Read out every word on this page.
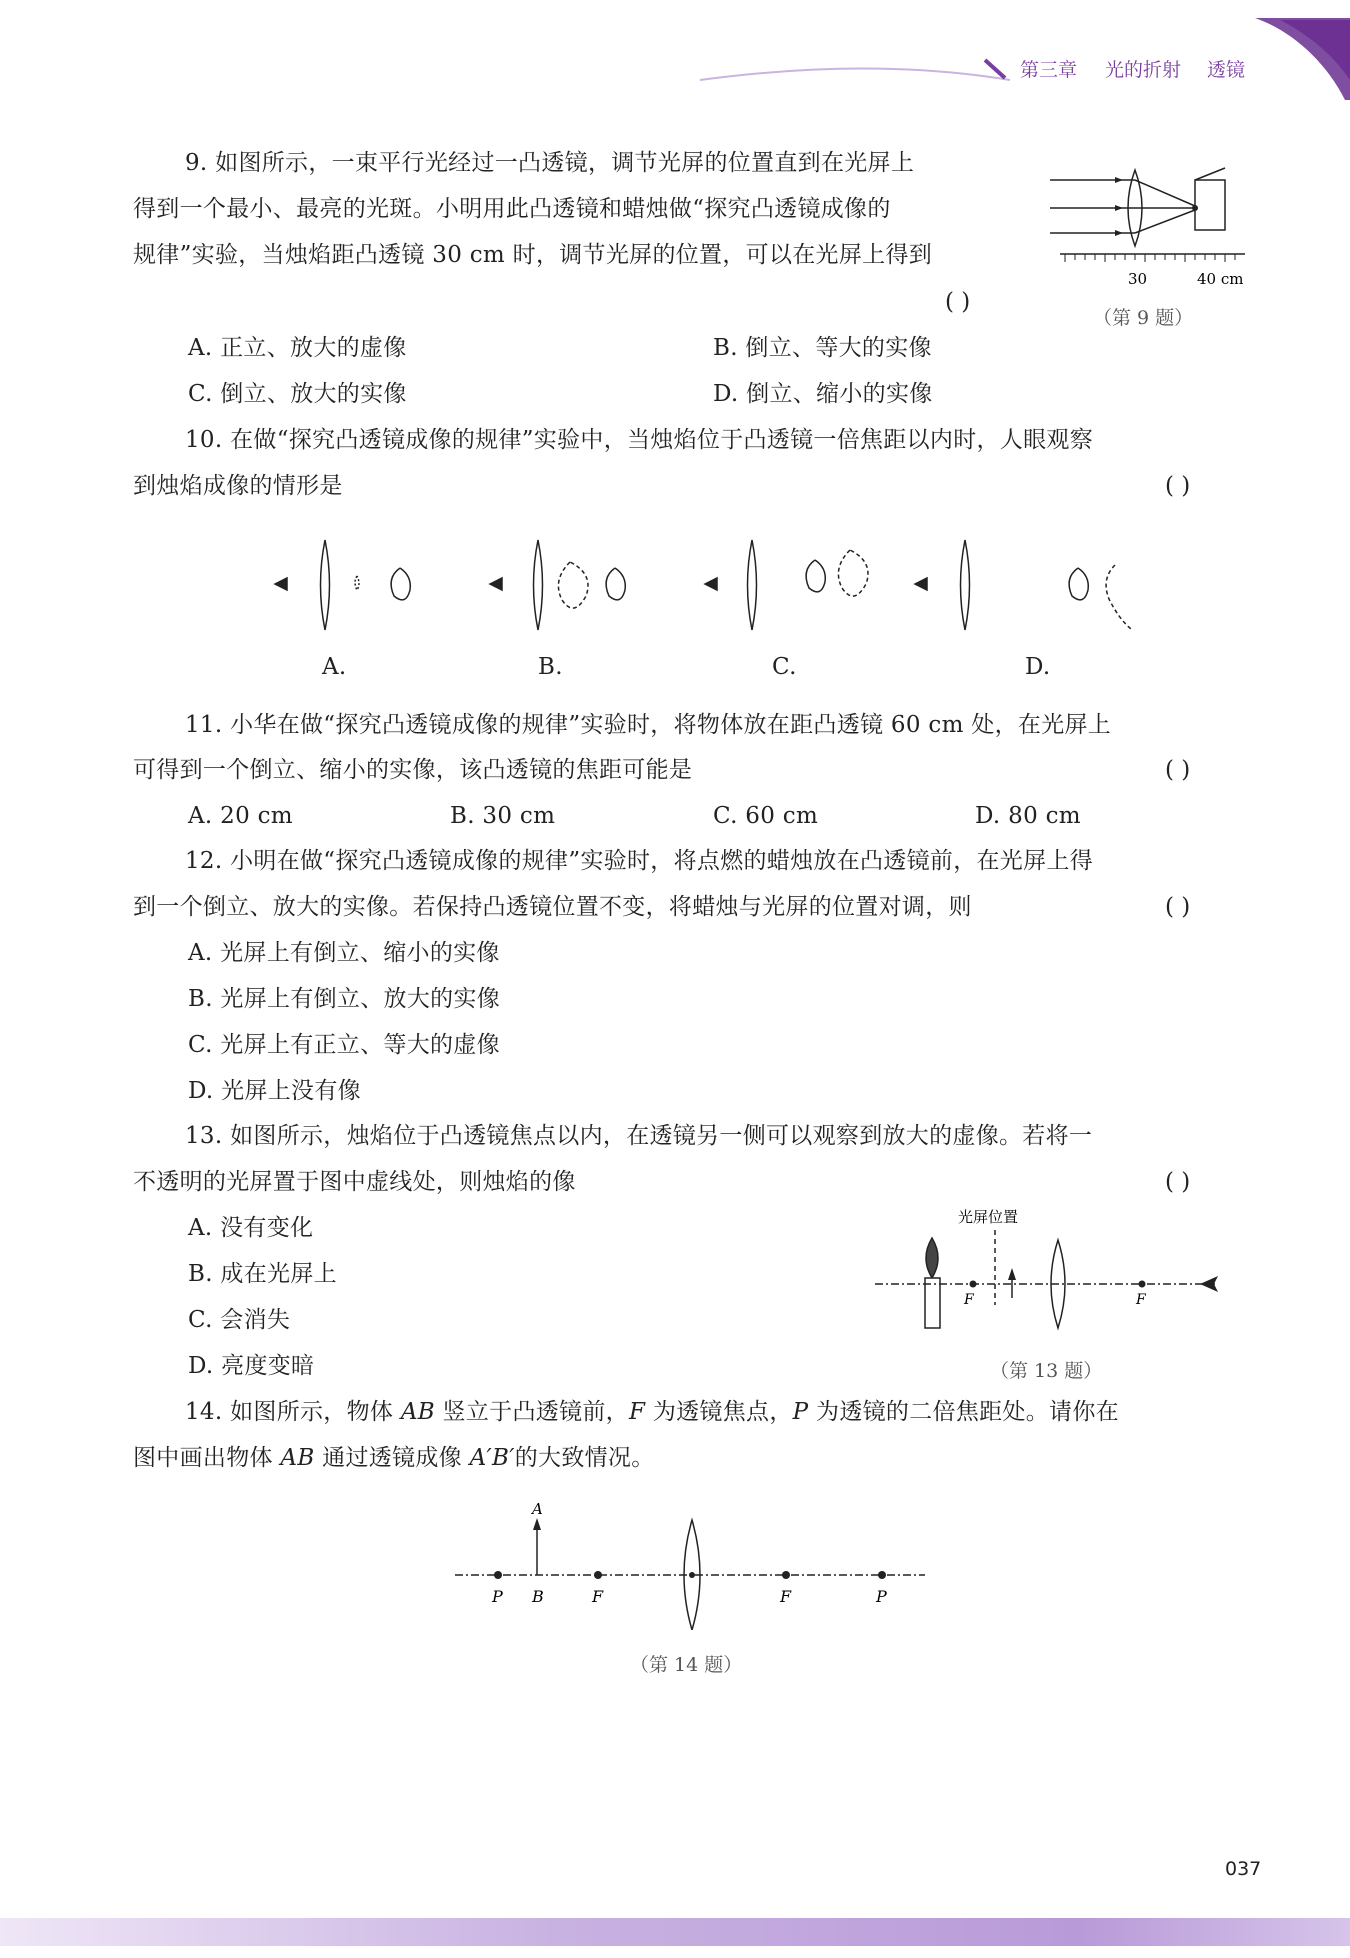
第三章 光的折射 透镜
9. 如图所示，一束平行光经过一凸透镜，调节光屏的位置直到在光屏上
得到一个最小、最亮的光斑。小明用此凸透镜和蜡烛做“探究凸透镜成像的
规律”实验，当烛焰距凸透镜 30 cm 时，调节光屏的位置，可以在光屏上得到
( )
A. 正立、放大的虚像	B. 倒立、等大的实像
C. 倒立、放大的实像	D. 倒立、缩小的实像
30	40 cm
（第 9 题）
10. 在做“探究凸透镜成像的规律”实验中，当烛焰位于凸透镜一倍焦距以内时，人眼观察
到烛焰成像的情形是	( )
A.	B.	C.	D.
11. 小华在做“探究凸透镜成像的规律”实验时，将物体放在距凸透镜 60 cm 处，在光屏上
可得到一个倒立、缩小的实像，该凸透镜的焦距可能是	( )
A. 20 cm	B. 30 cm	C. 60 cm	D. 80 cm
12. 小明在做“探究凸透镜成像的规律”实验时，将点燃的蜡烛放在凸透镜前，在光屏上得
到一个倒立、放大的实像。若保持凸透镜位置不变，将蜡烛与光屏的位置对调，则	( )
A. 光屏上有倒立、缩小的实像
B. 光屏上有倒立、放大的实像
C. 光屏上有正立、等大的虚像
D. 光屏上没有像
13. 如图所示，烛焰位于凸透镜焦点以内，在透镜另一侧可以观察到放大的虚像。若将一
不透明的光屏置于图中虚线处，则烛焰的像	( )
A. 没有变化
B. 成在光屏上
C. 会消失
D. 亮度变暗
光屏位置
F	F
（第 13 题）
14. 如图所示，物体 AB 竖立于凸透镜前，F 为透镜焦点，P 为透镜的二倍焦距处。请你在
图中画出物体 AB 通过透镜成像 A′B′的大致情况。
A
P B	F	F	P
（第 14 题）
037
